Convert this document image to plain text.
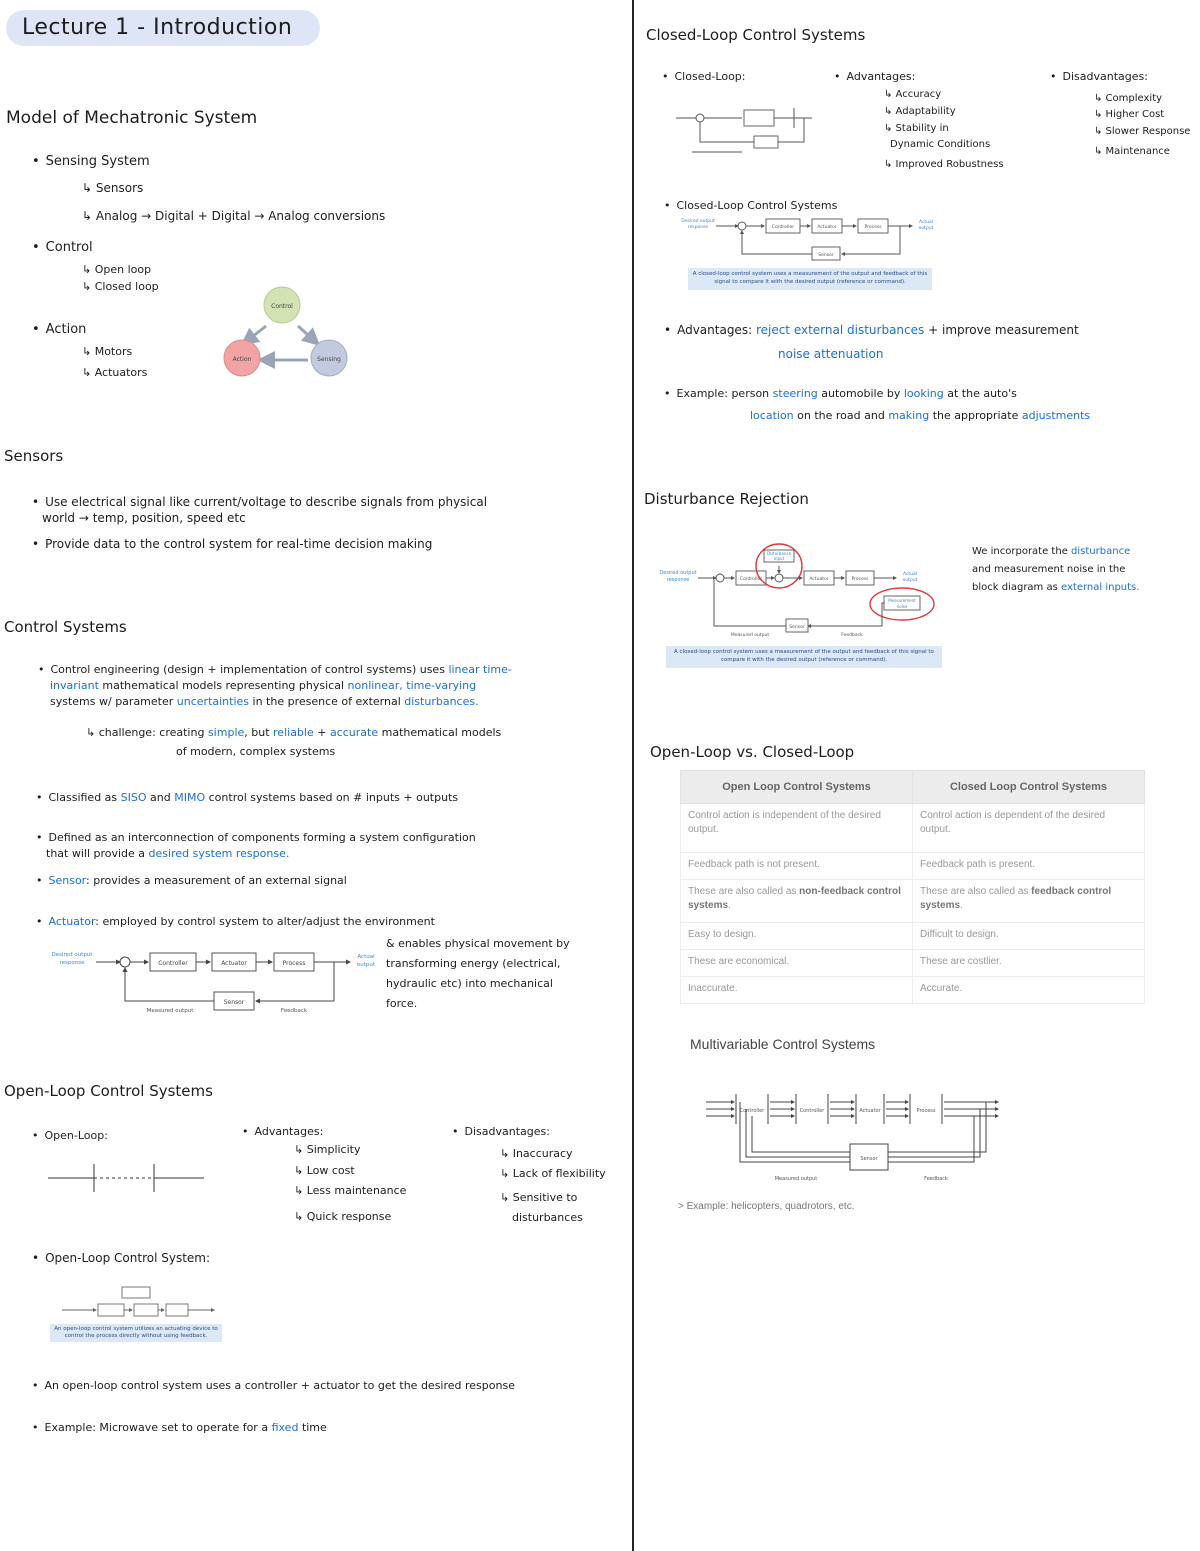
Lecture 1 - Introduction
Model of Mechatronic System
• Sensing System
↳ Sensors
↳ Analog → Digital + Digital → Analog conversions
• Control
↳ Open loop
↳ Closed loop
• Action
↳ Motors
↳ Actuators
Control
Action	Sensing
Sensors
• Use electrical signal like current/voltage to describe signals from physical
world → temp, position, speed etc
• Provide data to the control system for real-time decision making
Control Systems
• Control engineering (design + implementation of control systems) uses linear time-
invariant mathematical models representing physical nonlinear, time-varying
systems w/ parameter uncertainties in the presence of external disturbances.
↳ challenge: creating simple, but reliable + accurate mathematical models
of modern, complex systems
• Classified as SISO and MIMO control systems based on # inputs + outputs
• Defined as an interconnection of components forming a system configuration
that will provide a desired system response.
• Sensor: provides a measurement of an external signal
• Actuator: employed by control system to alter/adjust the environment
& enables physical movement by
transforming energy (electrical,
hydraulic etc) into mechanical
force.
Desired output
response	Controller	Actuator	Process
Actual
output
Sensor
Measured output	Feedback
Open-Loop Control Systems
• Open-Loop:	• Advantages:
↳ Simplicity
↳ Low cost
↳ Less maintenance
↳ Quick response
• Disadvantages:
↳ Inaccuracy
↳ Lack of flexibility
↳ Sensitive to
disturbances
• Open-Loop Control System:
An open-loop control system utilizes an actuating device to control the process directly without using feedback.
• An open-loop control system uses a controller + actuator to get the desired response
• Example: Microwave set to operate for a fixed time
Closed-Loop Control Systems
• Closed-Loop:	• Advantages:
↳ Accuracy
↳ Adaptability
↳ Stability in
Dynamic Conditions
↳ Improved Robustness
• Disadvantages:
↳ Complexity
↳ Higher Cost
↳ Slower Response
↳ Maintenance
• Closed-Loop Control Systems
Desired output
response	Controller	Actuator	Process
Actual
output
Sensor
A closed-loop control system uses a measurement of the output and feedback of this signal to compare it with the desired output (reference or command).
• Advantages: reject external disturbances + improve measurement
noise attenuation
• Example: person steering automobile by looking at the auto's
location on the road and making the appropriate adjustments
Disturbance Rejection
Desired output
response	Controller
Disturbance
input
Actuator	Process
Actual
output
Measurement
noise
Sensor
Measured output	Feedback
A closed-loop control system uses a measurement of the output and feedback of this signal to compare it with the desired output (reference or command).
We incorporate the disturbance
and measurement noise in the
block diagram as external inputs.
Open-Loop vs. Closed-Loop
Open Loop Control Systems	Closed Loop Control Systems
Control action is independent of the desired output.	Control action is dependent of the desired output.
Feedback path is not present.	Feedback path is present.
These are also called as non-feedback control systems.	These are also called as feedback control systems.
Easy to design.	Difficult to design.
These are economical.	These are costlier.
Inaccurate.	Accurate.
Multivariable Control Systems
Controller	Controller	Actuator	Process
Sensor
Measured output	Feedback
> Example: helicopters, quadrotors, etc.
